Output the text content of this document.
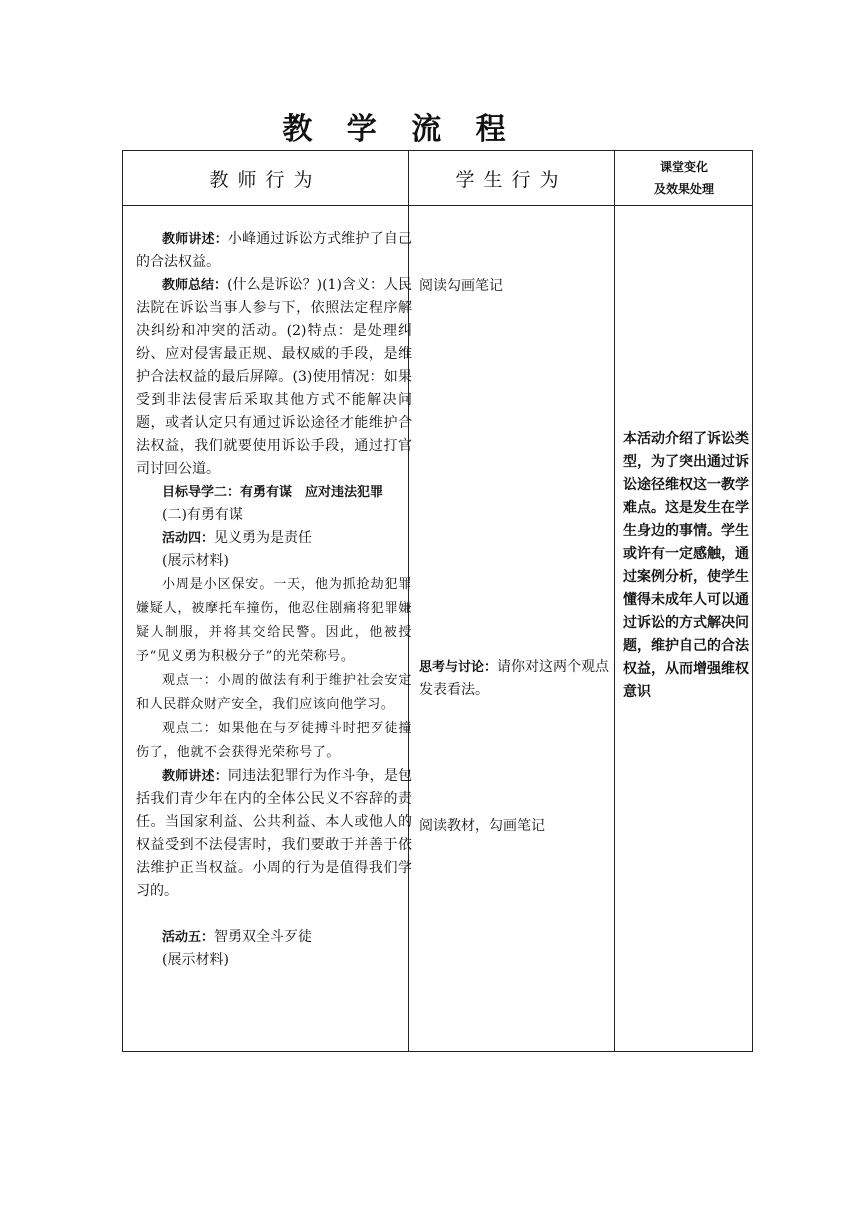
教 学 流 程
教师行为	学生行为
课堂变化
及效果处理

教师讲述：小峰通过诉讼方式维护了自己的合法权益。

教师总结：(什么是诉讼？)(1)含义：人民法院在诉讼当事人参与下，依照法定程序解决纠纷和冲突的活动。(2)特点：是处理纠纷、应对侵害最正规、最权威的手段，是维护合法权益的最后屏障。(3)使用情况：如果受到非法侵害后采取其他方式不能解决问题，或者认定只有通过诉讼途径才能维护合法权益，我们就要使用诉讼手段，通过打官司讨回公道。

目标导学二：有勇有谋　应对违法犯罪

(二)有勇有谋

活动四：见义勇为是责任

(展示材料)

小周是小区保安。一天，他为抓抢劫犯罪嫌疑人，被摩托车撞伤，他忍住剧痛将犯罪嫌疑人制服，并将其交给民警。因此，他被授予“见义勇为积极分子”的光荣称号。

观点一：小周的做法有利于维护社会安定和人民群众财产安全，我们应该向他学习。

观点二：如果他在与歹徒搏斗时把歹徒撞伤了，他就不会获得光荣称号了。

教师讲述：同违法犯罪行为作斗争，是包括我们青少年在内的全体公民义不容辞的责任。当国家利益、公共利益、本人或他人的权益受到不法侵害时，我们要敢于并善于依法维护正当权益。小周的行为是值得我们学习的。

活动五：智勇双全斗歹徒

(展示材料)

阅读勾画笔记
思考与讨论：请你对这两个观点发表看法。
阅读教材，勾画笔记
本活动介绍了诉讼类型，为了突出通过诉讼途径维权这一教学难点。这是发生在学生身边的事情。学生或许有一定感触，通过案例分析，使学生懂得未成年人可以通过诉讼的方式解决问题，维护自己的合法权益，从而增强维权意识
